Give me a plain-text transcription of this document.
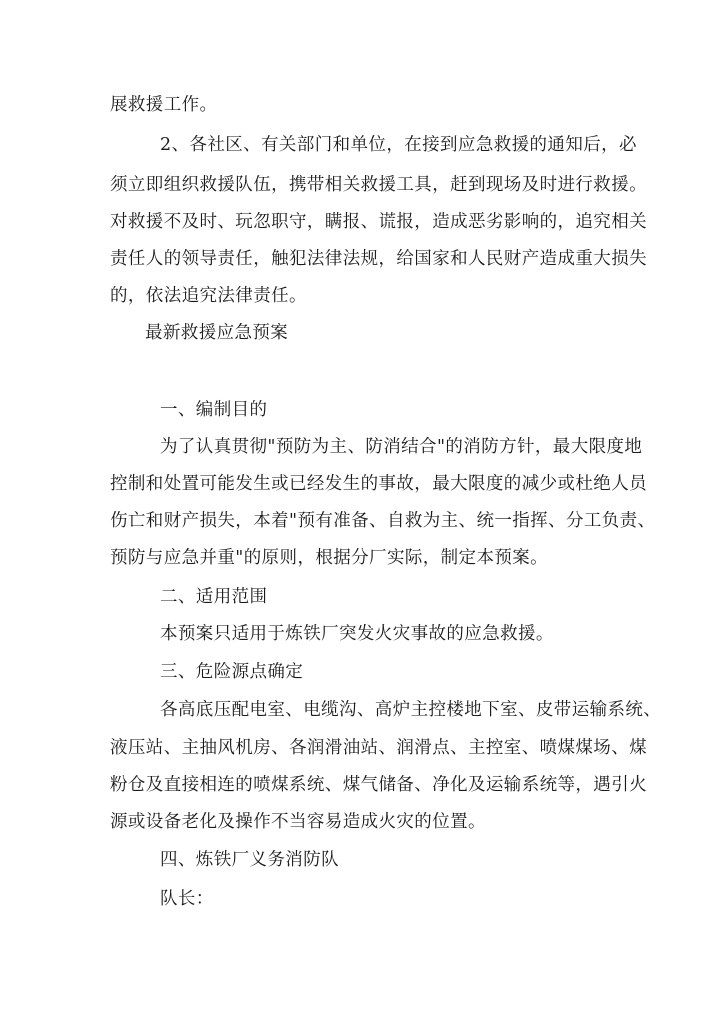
展救援工作。
2、各社区、有关部门和单位，在接到应急救援的通知后，必
须立即组织救援队伍，携带相关救援工具，赶到现场及时进行救援。
对救援不及时、玩忽职守，瞒报、谎报，造成恶劣影响的，追究相关
责任人的领导责任，触犯法律法规，给国家和人民财产造成重大损失
的，依法追究法律责任。
最新救援应急预案
一、编制目的
为了认真贯彻"预防为主、防消结合"的消防方针，最大限度地
控制和处置可能发生或已经发生的事故，最大限度的减少或杜绝人员
伤亡和财产损失，本着"预有准备、自救为主、统一指挥、分工负责、
预防与应急并重"的原则，根据分厂实际，制定本预案。
二、适用范围
本预案只适用于炼铁厂突发火灾事故的应急救援。
三、危险源点确定
各高底压配电室、电缆沟、高炉主控楼地下室、皮带运输系统、
液压站、主抽风机房、各润滑油站、润滑点、主控室、喷煤煤场、煤
粉仓及直接相连的喷煤系统、煤气储备、净化及运输系统等，遇引火
源或设备老化及操作不当容易造成火灾的位置。
四、炼铁厂义务消防队
队长：
